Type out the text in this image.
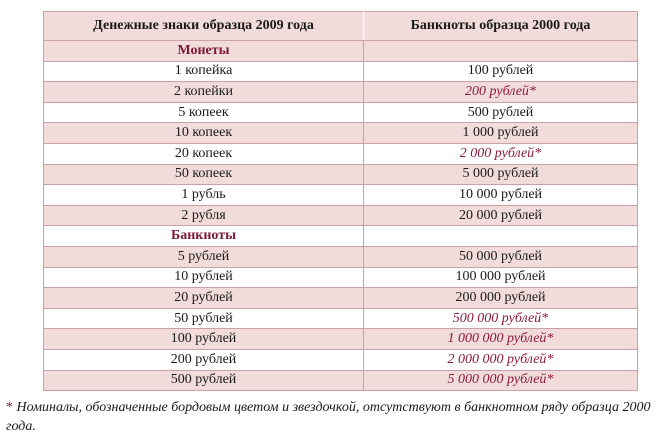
Денежные знаки образца 2009 года	Банкноты образца 2000 года
Монеты	
1 копейка	100 рублей
2 копейки	200 рублей*
5 копеек	500 рублей
10 копеек	1 000 рублей
20 копеек	2 000 рублей*
50 копеек	5 000 рублей
1 рубль	10 000 рублей
2 рубля	20 000 рублей
Банкноты	
5 рублей	50 000 рублей
10 рублей	100 000 рублей
20 рублей	200 000 рублей
50 рублей	500 000 рублей*
100 рублей	1 000 000 рублей*
200 рублей	2 000 000 рублей*
500 рублей	5 000 000 рублей*
* Номиналы, обозначенные бордовым цветом и звездочкой, отсутствуют в банкнотном ряду образца 2000 года.
